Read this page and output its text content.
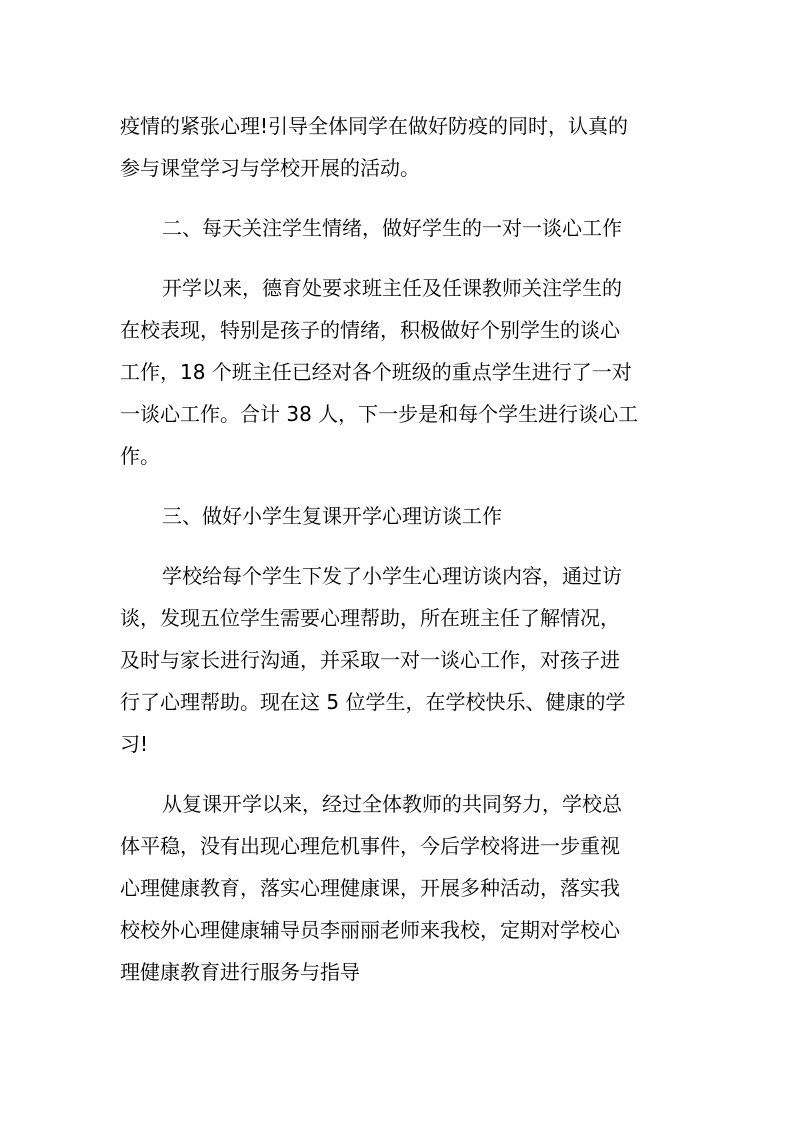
疫情的紧张心理!引导全体同学在做好防疫的同时，认真的
参与课堂学习与学校开展的活动。
二、每天关注学生情绪，做好学生的一对一谈心工作
开学以来，德育处要求班主任及任课教师关注学生的
在校表现，特别是孩子的情绪，积极做好个别学生的谈心
工作，18 个班主任已经对各个班级的重点学生进行了一对
一谈心工作。合计 38 人，下一步是和每个学生进行谈心工
作。
三、做好小学生复课开学心理访谈工作
学校给每个学生下发了小学生心理访谈内容，通过访
谈，发现五位学生需要心理帮助，所在班主任了解情况，
及时与家长进行沟通，并采取一对一谈心工作，对孩子进
行了心理帮助。现在这 5 位学生，在学校快乐、健康的学
习!
从复课开学以来，经过全体教师的共同努力，学校总
体平稳，没有出现心理危机事件，今后学校将进一步重视
心理健康教育，落实心理健康课，开展多种活动，落实我
校校外心理健康辅导员李丽丽老师来我校，定期对学校心
理健康教育进行服务与指导
